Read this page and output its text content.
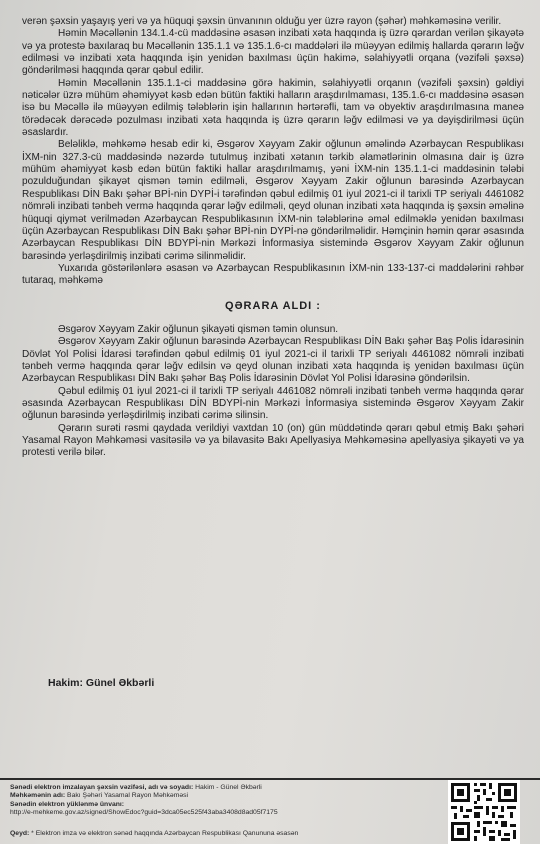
verən şəxsin yaşayış yeri və ya hüquqi şəxsin ünvanının olduğu yer üzrə rayon (şəhər) məhkəməsinə verilir.

Həmin Məcəllənin 134.1.4-cü maddəsinə əsasən inzibati xəta haqqında iş üzrə qərardan verilən şikayətə və ya protestə baxılaraq bu Məcəllənin 135.1.1 və 135.1.6-cı maddələri ilə müəyyən edilmiş hallarda qərarın ləğv edilməsi və inzibati xəta haqqında işin yenidən baxılması üçün hakimə, səlahiyyətli orqana (vəzifəli şəxsə) göndərilməsi haqqında qərar qəbul edilir.

Həmin Məcəllənin 135.1.1-ci maddəsinə görə hakimin, səlahiyyətli orqanın (vəzifəli şəxsin) gəldiyi nəticələr üzrə mühüm əhəmiyyət kəsb edən bütün faktiki halların araşdırılmaması, 135.1.6-cı maddəsinə əsasən isə bu Məcəllə ilə müəyyən edilmiş tələblərin işin hallarının hərtərəfli, tam və obyektiv araşdırılmasına maneə törədəcək dərəcədə pozulması inzibati xəta haqqında iş üzrə qərarın ləğv edilməsi və ya dəyişdirilməsi üçün əsaslardır.

Beləliklə, məhkəmə hesab edir ki, Əsgərov Xəyyam Zakir oğlunun əməlində Azərbaycan Respublikası İXM-nin 327.3-cü maddəsində nəzərdə tutulmuş inzibati xətanın tərkib əlamətlərinin olmasına dair iş üzrə mühüm əhəmiyyət kəsb edən bütün faktiki hallar araşdırılmamış, yəni İXM-nin 135.1.1-ci maddəsinin tələbi pozulduğundan şikayət qismən təmin edilməli, Əsgərov Xəyyam Zakir oğlunun barəsində Azərbaycan Respublikası DİN Bakı şəhər BPİ-nin DYPİ-i tərəfindən qəbul edilmiş 01 iyul 2021-ci il tarixli TP seriyalı 4461082 nömrəli inzibati tənbeh vermə haqqında qərar ləğv edilməli, qeyd olunan inzibati xəta haqqında iş şəxsin əməlinə hüquqi qiymət verilmədən Azərbaycan Respublikasının İXM-nin tələblərinə əməl edilməklə yenidən baxılması üçün Azərbaycan Respublikası DİN Bakı şəhər BPİ-nin DYPİ-nə göndərilməlidir. Həmçinin həmin qərar əsasında Azərbaycan Respublikası DİN BDYPİ-nin Mərkəzi İnformasiya sistemində Əsgərov Xəyyam Zakir oğlunun barəsində yerləşdirilmiş inzibati cərimə silinməlidir.

Yuxarıda göstərilənlərə əsasən və Azərbaycan Respublikasının İXM-nin 133-137-ci maddələrini rəhbər tutaraq, məhkəmə

QƏRARA ALDI :

Əsgərov Xəyyam Zakir oğlunun şikayəti qismən təmin olunsun.

Əsgərov Xəyyam Zakir oğlunun barəsində Azərbaycan Respublikası DİN Bakı şəhər Baş Polis İdarəsinin Dövlət Yol Polisi İdarəsi tərəfindən qəbul edilmiş 01 iyul 2021-ci il tarixli TP seriyalı 4461082 nömrəli inzibati tənbeh vermə haqqında qərar ləğv edilsin və qeyd olunan inzibati xəta haqqında iş yenidən baxılması üçün Azərbaycan Respublikası DİN Bakı şəhər Baş Polis İdarəsinin Dövlət Yol Polisi İdarəsinə göndərilsin.

Qəbul edilmiş 01 iyul 2021-ci il tarixli TP seriyalı 4461082 nömrəli inzibati tənbeh vermə haqqında qərar əsasında Azərbaycan Respublikası DİN BDYPİ-nin Mərkəzi İnformasiya sistemində Əsgərov Xəyyam Zakir oğlunun barəsində yerləşdirilmiş inzibati cərimə silinsin.

Qərarın surəti rəsmi qaydada verildiyi vaxtdan 10 (on) gün müddətində qərarı qəbul etmiş Bakı şəhəri Yasamal Rayon Məhkəməsi vasitəsilə və ya bilavasitə Bakı Apellyasiya Məhkəməsinə apellyasiya şikayəti və ya protesti verilə bilər.

Hakim: Günel Əkbərli
Sənədi elektron imzalayan şəxsin vəzifəsi, adı və soyadı: Hakim - Günel Əkbərli
Məhkəmənin adı: Bakı Şəhəri Yasamal Rayon Məhkəməsi
Sənədin elektron yüklənmə ünvanı:
http://e-mehkeme.gov.az/signed/ShowEdoc?guid=3dca05ec525f43aba3408d8ad05f7175
Qeyd: * Elektron imza və elektron sənəd haqqında Azərbaycan Respublikası Qanununa əsasən
